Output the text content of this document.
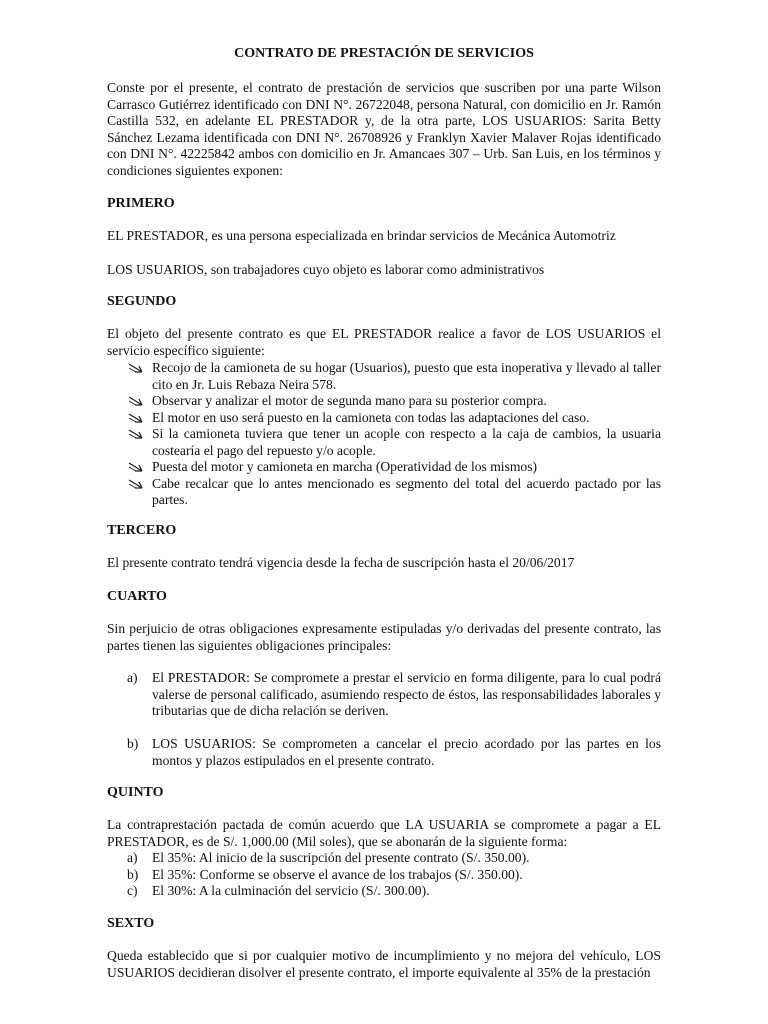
CONTRATO DE PRESTACIÓN DE SERVICIOS
Conste por el presente, el contrato de prestación de servicios que suscriben por una parte Wilson Carrasco Gutiérrez identificado con DNI N°. 26722048, persona Natural, con domicilio en Jr. Ramón Castilla 532, en adelante EL PRESTADOR y, de la otra parte, LOS USUARIOS: Sarita Betty Sánchez Lezama identificada con DNI N°. 26708926 y Franklyn Xavier Malaver Rojas identificado con DNI N°. 42225842 ambos con domicilio en Jr. Amancaes 307 – Urb. San Luis, en los términos y condiciones siguientes exponen:
PRIMERO
EL PRESTADOR, es una persona especializada en brindar servicios de Mecánica Automotriz
LOS USUARIOS, son trabajadores cuyo objeto es laborar como administrativos
SEGUNDO
El objeto del presente contrato es que EL PRESTADOR realice a favor de LOS USUARIOS el servicio específico siguiente:
Recojo de la camioneta de su hogar (Usuarios), puesto que esta inoperativa y llevado al taller cito en Jr. Luis Rebaza Neira 578.
Observar y analizar el motor de segunda mano para su posterior compra.
El motor en uso será puesto en la camioneta con todas las adaptaciones del caso.
Si la camioneta tuviera que tener un acople con respecto a la caja de cambios, la usuaria costearía el pago del repuesto y/o acople.
Puesta del motor y camioneta en marcha (Operatividad de los mismos)
Cabe recalcar que lo antes mencionado es segmento del total del acuerdo pactado por las partes.
TERCERO
El presente contrato tendrá vigencia desde la fecha de suscripción hasta el 20/06/2017
CUARTO
Sin perjuicio de otras obligaciones expresamente estipuladas y/o derivadas del presente contrato, las partes tienen las siguientes obligaciones principales:
a) El PRESTADOR: Se compromete a prestar el servicio en forma diligente, para lo cual podrá valerse de personal calificado, asumiendo respecto de éstos, las responsabilidades laborales y tributarias que de dicha relación se deriven.
b) LOS USUARIOS: Se comprometen a cancelar el precio acordado por las partes en los montos y plazos estipulados en el presente contrato.
QUINTO
La contraprestación pactada de común acuerdo que LA USUARIA se compromete a pagar a EL PRESTADOR, es de S/. 1,000.00 (Mil soles), que se abonarán de la siguiente forma:
a) El 35%: Al inicio de la suscripción del presente contrato (S/. 350.00).
b) El 35%: Conforme se observe el avance de los trabajos (S/. 350.00).
c) El 30%: A la culminación del servicio (S/. 300.00).
SEXTO
Queda establecido que si por cualquier motivo de incumplimiento y no mejora del vehículo, LOS USUARIOS decidieran disolver el presente contrato, el importe equivalente al 35% de la prestación
